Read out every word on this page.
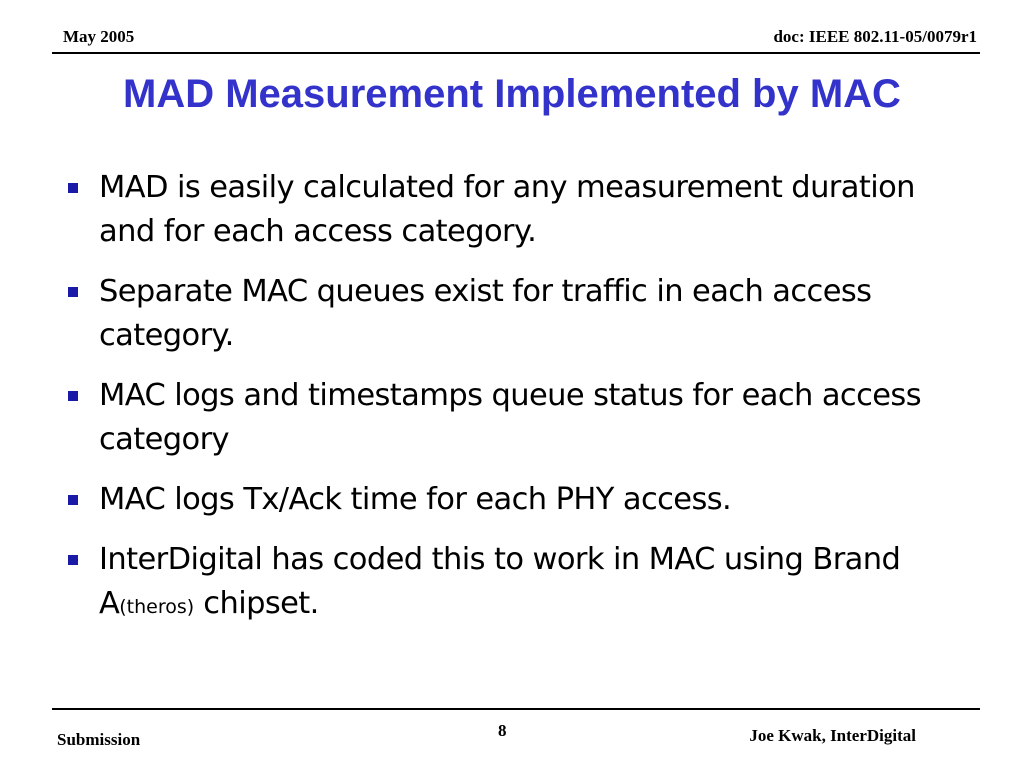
May 2005	doc: IEEE 802.11-05/0079r1
MAD Measurement Implemented by MAC
MAD is easily calculated for any measurement duration and for each access category.
Separate MAC queues exist for traffic in each access category.
MAC logs and timestamps queue status for each access category
MAC logs Tx/Ack time for each PHY access.
InterDigital has coded this to work in MAC using Brand A(theros) chipset.
Submission	8	Joe Kwak, InterDigital
